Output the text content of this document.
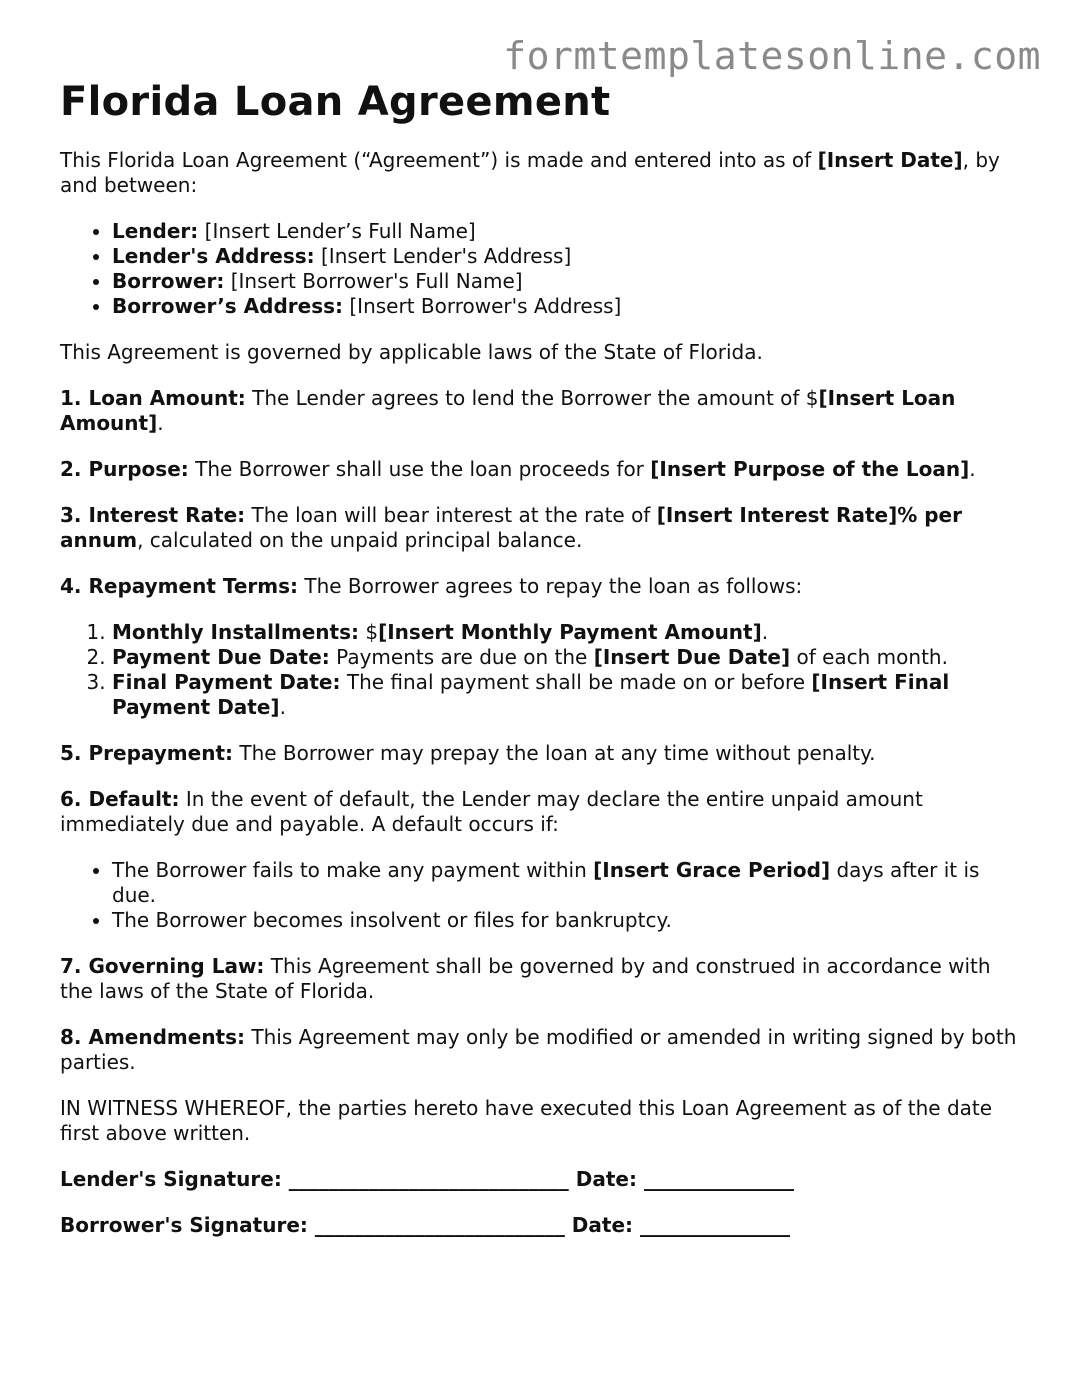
formtemplatesonline.com
Florida Loan Agreement

This Florida Loan Agreement (“Agreement”) is made and entered into as of [Insert Date], by and between:

• Lender: [Insert Lender’s Full Name]
• Lender's Address: [Insert Lender's Address]
• Borrower: [Insert Borrower's Full Name]
• Borrower’s Address: [Insert Borrower's Address]

This Agreement is governed by applicable laws of the State of Florida.

1. Loan Amount: The Lender agrees to lend the Borrower the amount of $[Insert Loan Amount].

2. Purpose: The Borrower shall use the loan proceeds for [Insert Purpose of the Loan].

3. Interest Rate: The loan will bear interest at the rate of [Insert Interest Rate]% per annum, calculated on the unpaid principal balance.

4. Repayment Terms: The Borrower agrees to repay the loan as follows:

1. Monthly Installments: $[Insert Monthly Payment Amount].
2. Payment Due Date: Payments are due on the [Insert Due Date] of each month.
3. Final Payment Date: The final payment shall be made on or before [Insert Final Payment Date].

5. Prepayment: The Borrower may prepay the loan at any time without penalty.

6. Default: In the event of default, the Lender may declare the entire unpaid amount immediately due and payable. A default occurs if:

• The Borrower fails to make any payment within [Insert Grace Period] days after it is due.
• The Borrower becomes insolvent or files for bankruptcy.

7. Governing Law: This Agreement shall be governed by and construed in accordance with the laws of the State of Florida.

8. Amendments: This Agreement may only be modified or amended in writing signed by both parties.

IN WITNESS WHEREOF, the parties hereto have executed this Loan Agreement as of the date first above written.

Lender's Signature: ____________________________ Date: _______________
Borrower's Signature: _________________________ Date: _______________
